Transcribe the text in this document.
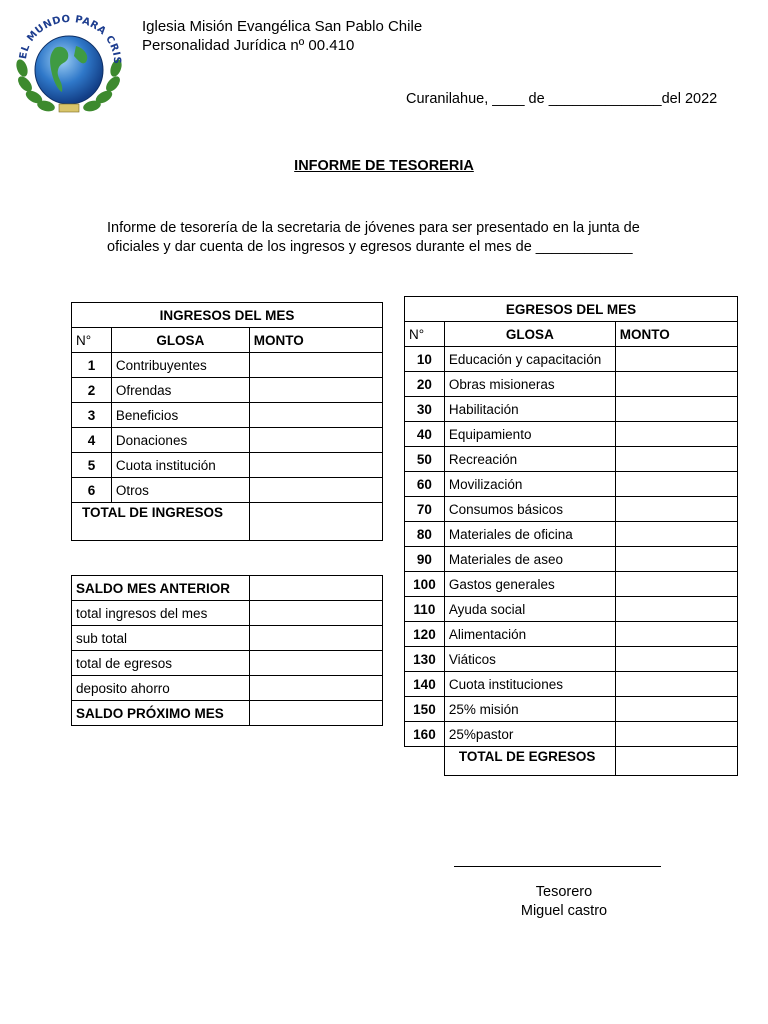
EL MUNDO PARA CRIS
Iglesia Misión Evangélica San Pablo Chile
Personalidad Jurídica nº 00.410
Curanilahue, ____ de ______________del 2022
INFORME DE TESORERIA
Informe de tesorería de la secretaria de jóvenes para ser presentado en la junta de
oficiales y dar cuenta de los ingresos y egresos durante el mes de ____________
INGRESOS DEL MES		
N°	GLOSA	MONTO
1	Contribuyentes	
2	Ofrendas	
3	Beneficios	
4	Donaciones	
5	Cuota institución	
6	Otros	
TOTAL DE INGRESOS		
SALDO MES ANTERIOR	
total ingresos del mes	
sub total	
total de egresos	
deposito ahorro	
SALDO PRÓXIMO MES	
EGRESOS DEL MES		
N°	GLOSA	MONTO
10	Educación y capacitación	
20	Obras misioneras	
30	Habilitación	
40	Equipamiento	
50	Recreación	
60	Movilización	
70	Consumos básicos	
80	Materiales de oficina	
90	Materiales de aseo	
100	Gastos generales	
110	Ayuda social	
120	Alimentación	
130	Viáticos	
140	Cuota instituciones	
150	25% misión	
160	25%pastor	
	TOTAL DE EGRESOS	
Tesorero
Miguel castro
